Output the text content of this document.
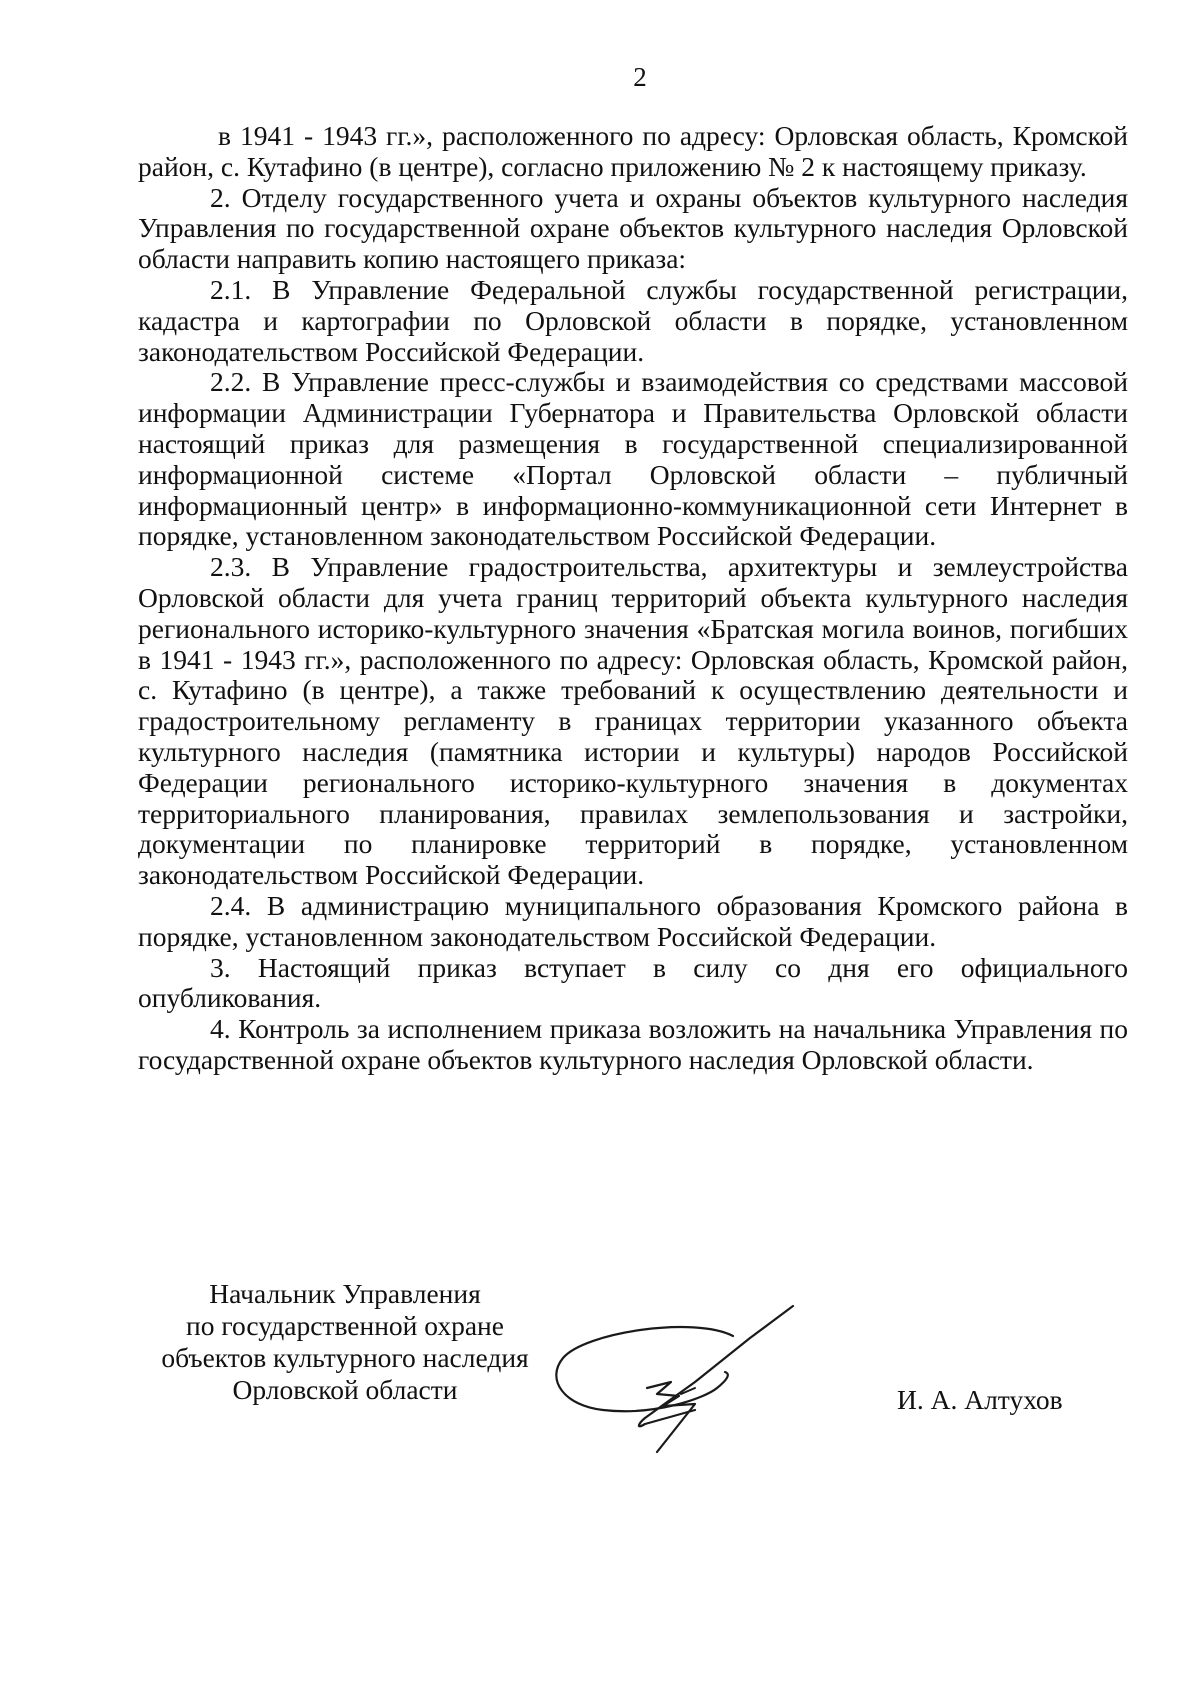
2

в 1941 - 1943 гг.», расположенного по адресу: Орловская область, Кромской район, с. Кутафино (в центре), согласно приложению № 2 к настоящему приказу.

2. Отделу государственного учета и охраны объектов культурного наследия Управления по государственной охране объектов культурного наследия Орловской области направить копию настоящего приказа:

2.1. В Управление Федеральной службы государственной регистрации, кадастра и картографии по Орловской области в порядке, установленном законодательством Российской Федерации.

2.2. В Управление пресс-службы и взаимодействия со средствами массовой информации Администрации Губернатора и Правительства Орловской области настоящий приказ для размещения в государственной специализированной информационной системе «Портал Орловской области – публичный информационный центр» в информационно-коммуникационной сети Интернет в порядке, установленном законодательством Российской Федерации.

2.3. В Управление градостроительства, архитектуры и землеустройства Орловской области для учета границ территорий объекта культурного наследия регионального историко-культурного значения «Братская могила воинов, погибших в 1941 - 1943 гг.», расположенного по адресу: Орловская область, Кромской район, с. Кутафино (в центре), а также требований к осуществлению деятельности и градостроительному регламенту в границах территории указанного объекта культурного наследия (памятника истории и культуры) народов Российской Федерации регионального историко-культурного значения в документах территориального планирования, правилах землепользования и застройки, документации по планировке территорий в порядке, установленном законодательством Российской Федерации.

2.4. В администрацию муниципального образования Кромского района в порядке, установленном законодательством Российской Федерации.

3. Настоящий приказ вступает в силу со дня его официального опубликования.

4. Контроль за исполнением приказа возложить на начальника Управления по государственной охране объектов культурного наследия Орловской области.

Начальник Управления
по государственной охране
объектов культурного наследия
Орловской области	И. А. Алтухов
